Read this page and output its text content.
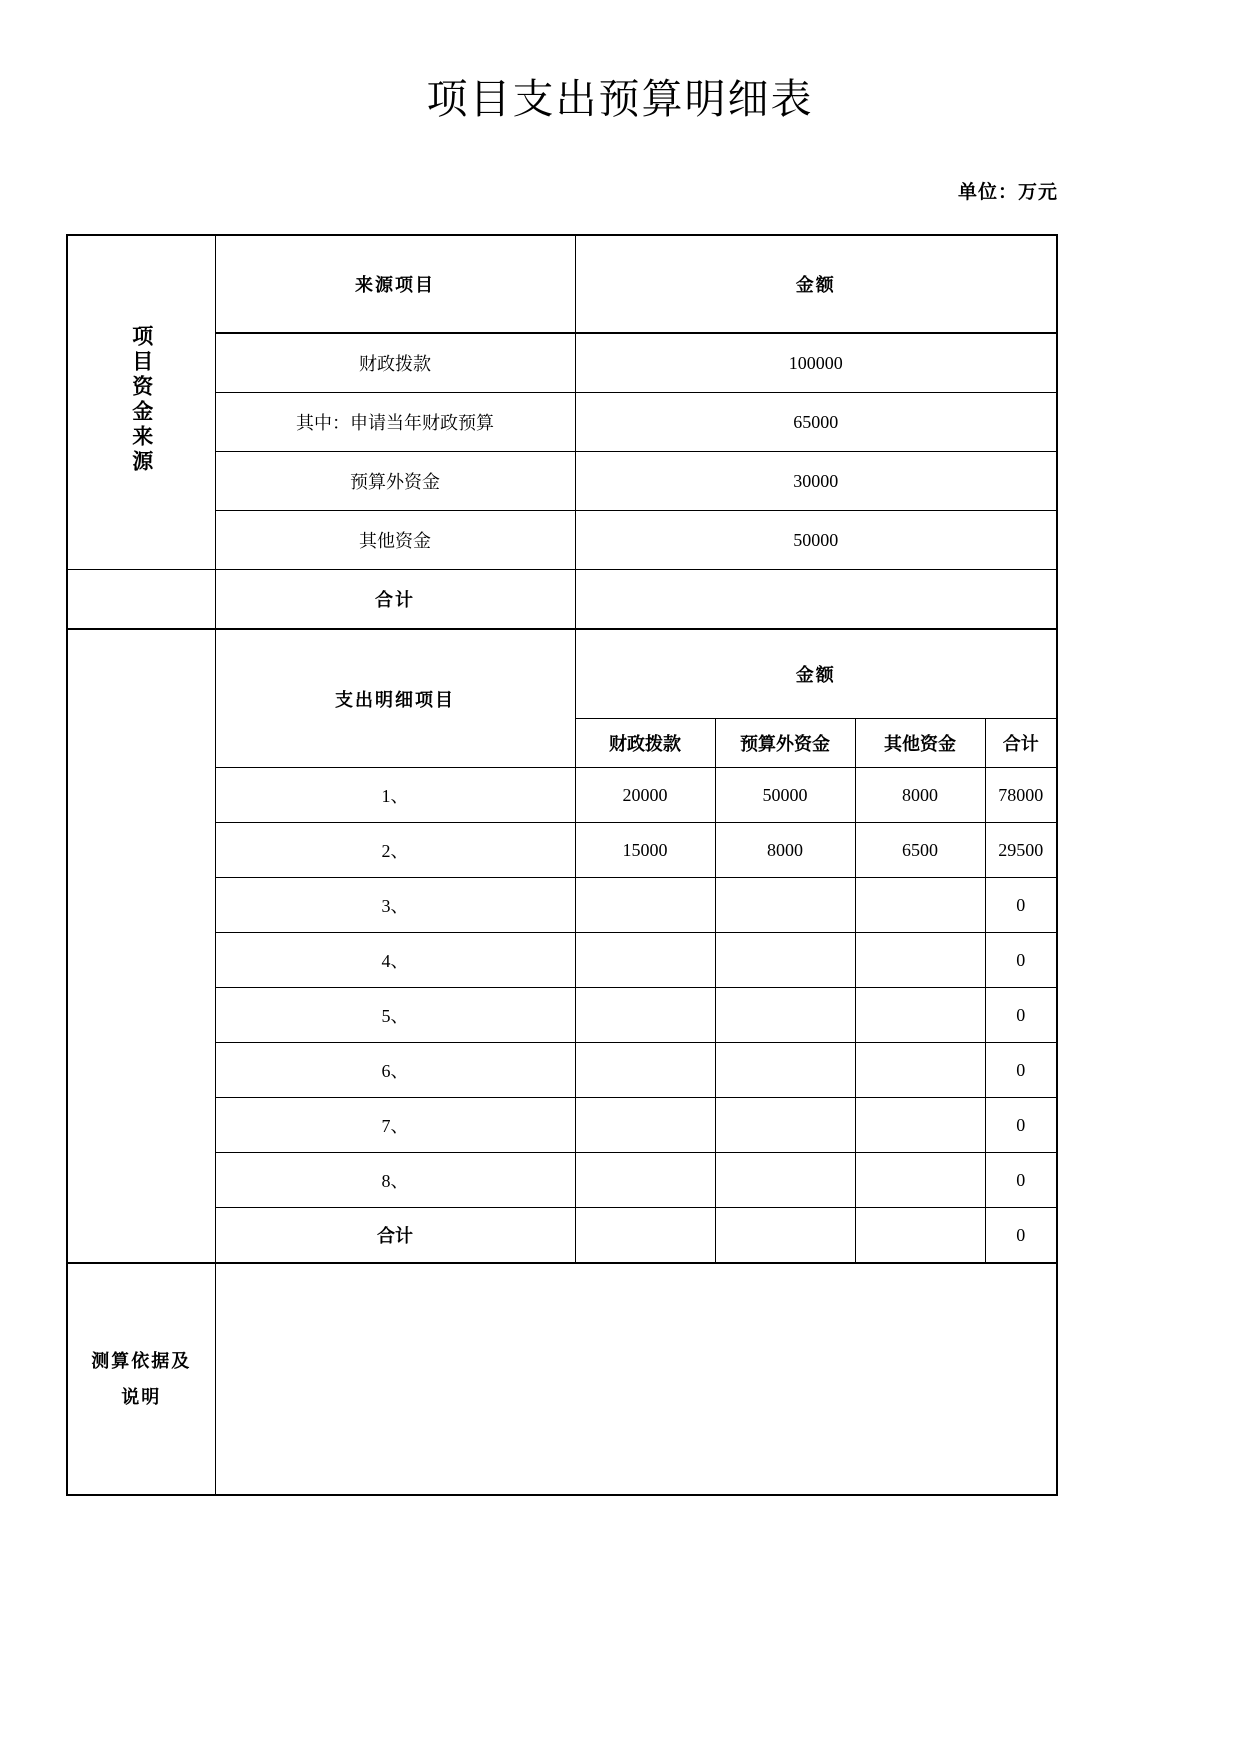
项目支出预算明细表
单位：万元
项目资金来源	来源项目	金额			
	财政拨款	100000			
	其中：申请当年财政预算	65000			
	预算外资金	30000			
	其他资金	50000			
	合计				
	支出明细项目	金额			
		财政拨款	预算外资金	其他资金	合计
	1、	20000	50000	8000	78000
	2、	15000	8000	6500	29500
	3、				0
	4、				0
	5、				0
	6、				0
	7、				0
	8、				0
	合计				0

测算依据及
说明					
